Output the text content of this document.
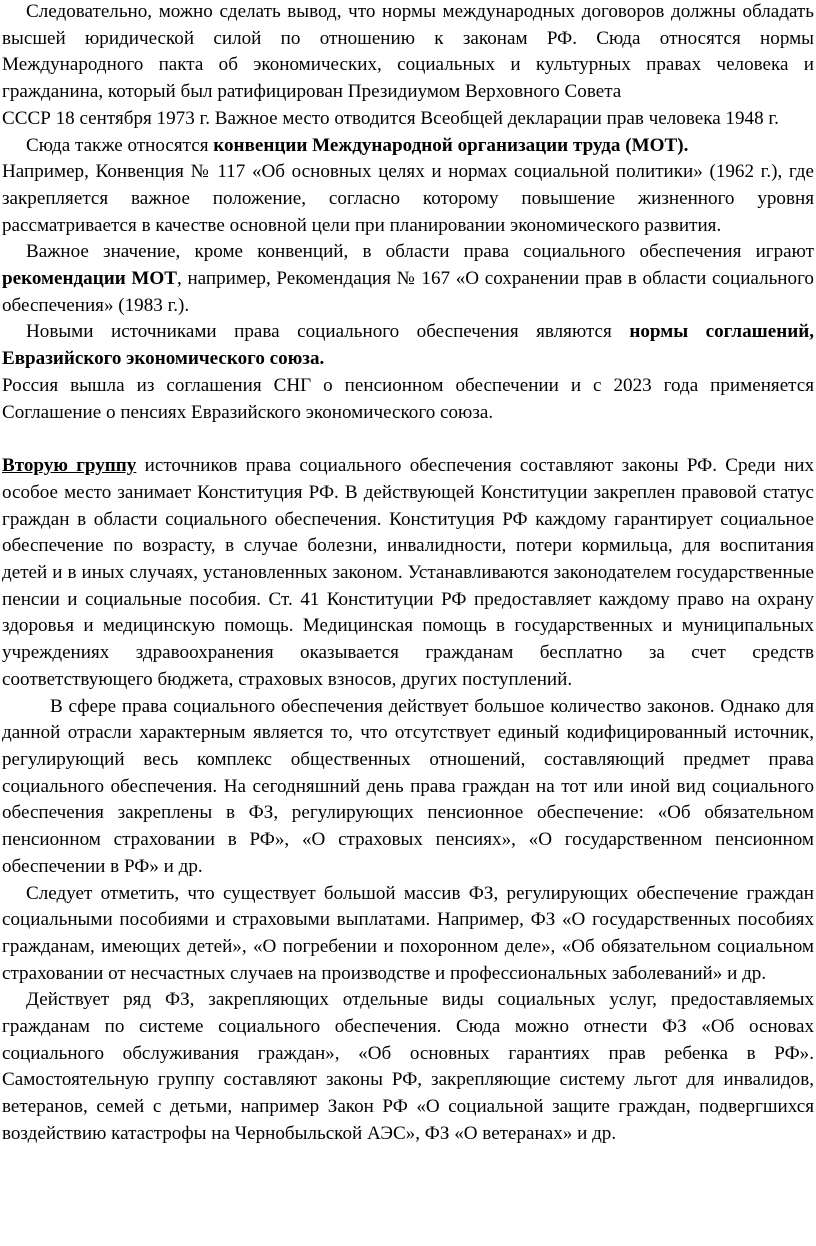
Следовательно, можно сделать вывод, что нормы международных договоров должны обладать высшей юридической силой по отношению к законам РФ. Сюда относятся нормы Международного пакта об экономических, социальных и культурных правах человека и гражданина, который был ратифицирован Президиумом Верховного Совета

СССР 18 сентября 1973 г. Важное место отводится Всеобщей декларации прав человека 1948 г.

Сюда также относятся конвенции Международной организации труда (МОТ).

Например, Конвенция № 117 «Об основных целях и нормах социальной политики» (1962 г.), где закрепляется важное положение, согласно которому повышение жизненного уровня рассматривается в качестве основной цели при планировании экономического развития.

Важное значение, кроме конвенций, в области права социального обеспечения играют рекомендации МОТ, например, Рекомендация № 167 «О сохранении прав в области социального обеспечения» (1983 г.).

Новыми источниками права социального обеспечения являются нормы соглашений, Евразийского экономического союза.

Россия вышла из соглашения СНГ о пенсионном обеспечении и с 2023 года применяется Соглашение о пенсиях Евразийского экономического союза.

Вторую группу источников права социального обеспечения составляют законы РФ. Среди них особое место занимает Конституция РФ. В действующей Конституции закреплен правовой статус граждан в области социального обеспечения. Конституция РФ каждому гарантирует социальное обеспечение по возрасту, в случае болезни, инвалидности, потери кормильца, для воспитания детей и в иных случаях, установленных законом. Устанавливаются законодателем государственные пенсии и социальные пособия. Ст. 41 Конституции РФ предоставляет каждому право на охрану здоровья и медицинскую помощь. Медицинская помощь в государственных и муниципальных учреждениях здравоохранения оказывается гражданам бесплатно за счет средств соответствующего бюджета, страховых взносов, других поступлений.

В сфере права социального обеспечения действует большое количество законов. Однако для данной отрасли характерным является то, что отсутствует единый кодифицированный источник, регулирующий весь комплекс общественных отношений, составляющий предмет права социального обеспечения. На сегодняшний день права граждан на тот или иной вид социального обеспечения закреплены в ФЗ, регулирующих пенсионное обеспечение: «Об обязательном пенсионном страховании в РФ», «О страховых пенсиях», «О государственном пенсионном обеспечении в РФ» и др.

Следует отметить, что существует большой массив ФЗ, регулирующих обеспечение граждан социальными пособиями и страховыми выплатами. Например, ФЗ «О государственных пособиях гражданам, имеющих детей», «О погребении и похоронном деле», «Об обязательном социальном страховании от несчастных случаев на производстве и профессиональных заболеваний» и др.

Действует ряд ФЗ, закрепляющих отдельные виды социальных услуг, предоставляемых гражданам по системе социального обеспечения. Сюда можно отнести ФЗ «Об основах социального обслуживания граждан», «Об основных гарантиях прав ребенка в РФ». Самостоятельную группу составляют законы РФ, закрепляющие систему льгот для инвалидов, ветеранов, семей с детьми, например Закон РФ «О социальной защите граждан, подвергшихся воздействию катастрофы на Чернобыльской АЭС», ФЗ «О ветеранах» и др.
